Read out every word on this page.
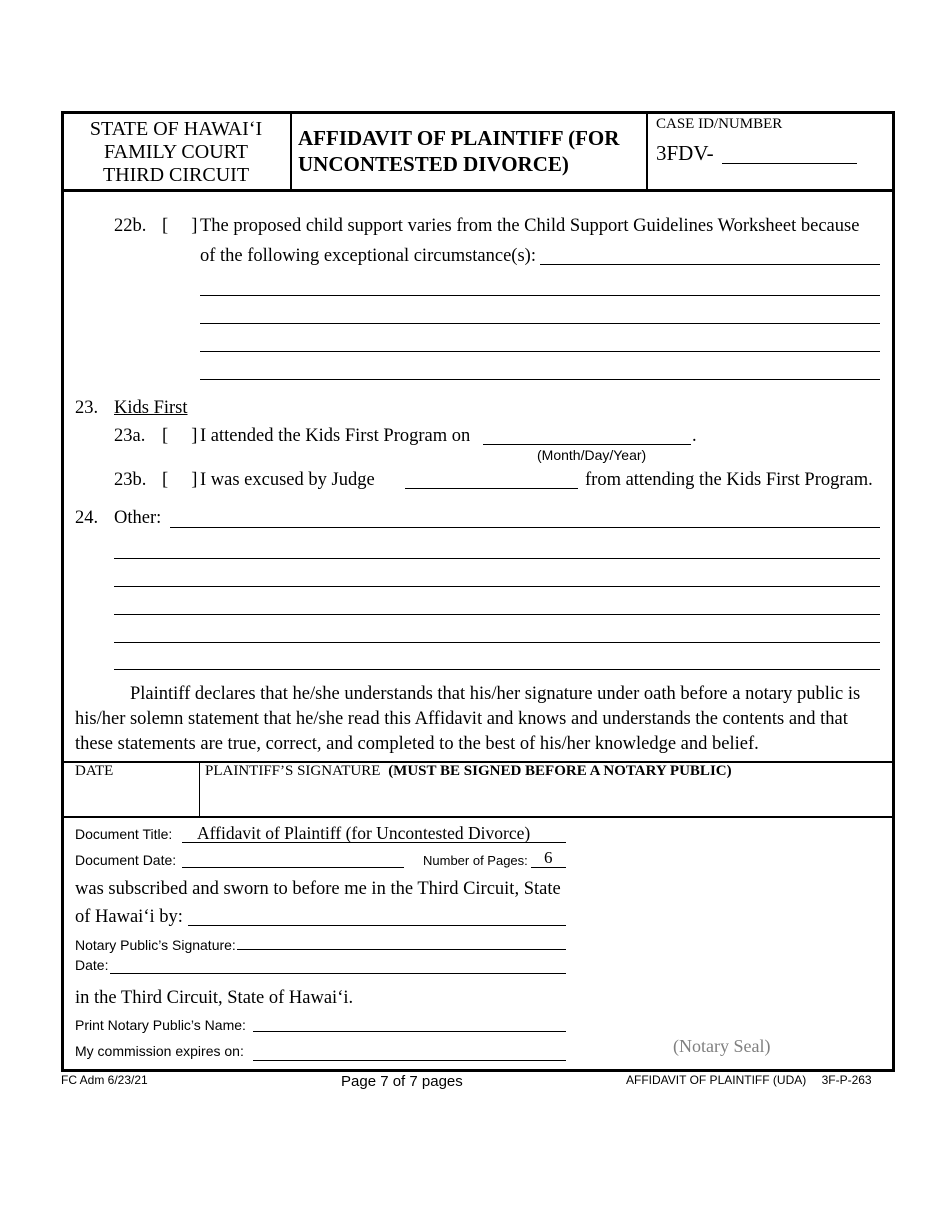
STATE OF HAWAI‘I
FAMILY COURT
THIRD CIRCUIT
AFFIDAVIT OF PLAINTIFF (FOR
UNCONTESTED DIVORCE)
CASE ID/NUMBER
3FDV-
22b. [     ] The proposed child support varies from the Child Support Guidelines Worksheet because
of the following exceptional circumstance(s):
23. Kids First
23a. [     ] I attended the Kids First Program on	.
(Month/Day/Year)
23b. [     ] I was excused by Judge	from attending the Kids First Program.
24. Other:
Plaintiff declares that he/she understands that his/her signature under oath before a notary public is
his/her solemn statement that he/she read this Affidavit and knows and understands the contents and that
these statements are true, correct, and completed to the best of his/her knowledge and belief.
DATE	PLAINTIFF’S SIGNATURE (MUST BE SIGNED BEFORE A NOTARY PUBLIC)
Document Title: Affidavit of Plaintiff (for Uncontested Divorce)
Document Date:	Number of Pages: 6
was subscribed and sworn to before me in the Third Circuit, State
of Hawai‘i by:
Notary Public’s Signature:
Date:
in the Third Circuit, State of Hawai‘i.
Print Notary Public’s Name:
My commission expires on:	(Notary Seal)
FC Adm 6/23/21	Page 7 of 7 pages	AFFIDAVIT OF PLAINTIFF (UDA) 3F-P-263
